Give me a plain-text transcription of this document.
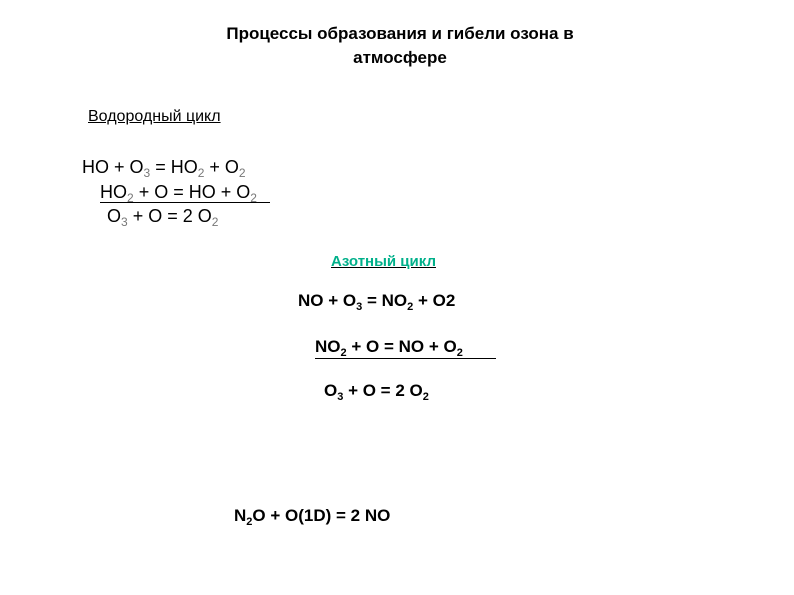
Процессы образования и гибели озона в
атмосфере
Водородный цикл
HO + $O_3 = HO_2 + O_2$
$HO_2 + O$ = HO + $O_2$
$O_3 + O = 2$ $O_2$
Азотный цикл
NO + $O_3 = NO_2 + O2$
$NO_2 + O$ = NO + $O_2$
$O_3 + O = 2$ $O_2$
$N_2O + O(1D) = 2$ NO
